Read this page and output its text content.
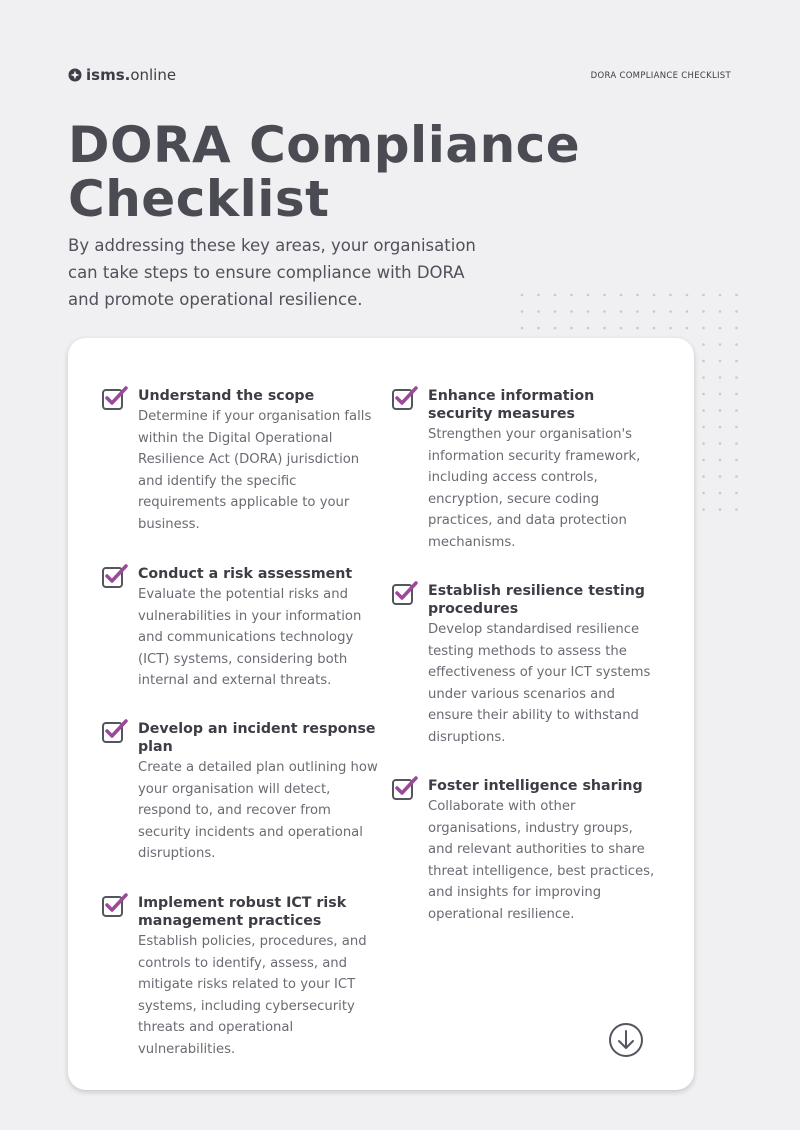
isms.online	DORA COMPLIANCE CHECKLIST
DORA Compliance Checklist

By addressing these key areas, your organisation can take steps to ensure compliance with DORA and promote operational resilience.

Understand the scope

Determine if your organisation falls within the Digital Operational Resilience Act (DORA) jurisdiction and identify the specific requirements applicable to your business.

Conduct a risk assessment

Evaluate the potential risks and vulnerabilities in your information and communications technology (ICT) systems, considering both internal and external threats.

Develop an incident response plan

Create a detailed plan outlining how your organisation will detect, respond to, and recover from security incidents and operational disruptions.

Implement robust ICT risk management practices

Establish policies, procedures, and controls to identify, assess, and mitigate risks related to your ICT systems, including cybersecurity threats and operational vulnerabilities.

Enhance information security measures

Strengthen your organisation's information security framework, including access controls, encryption, secure coding practices, and data protection mechanisms.

Establish resilience testing procedures

Develop standardised resilience testing methods to assess the effectiveness of your ICT systems under various scenarios and ensure their ability to withstand disruptions.

Foster intelligence sharing

Collaborate with other organisations, industry groups, and relevant authorities to share threat intelligence, best practices, and insights for improving operational resilience.
